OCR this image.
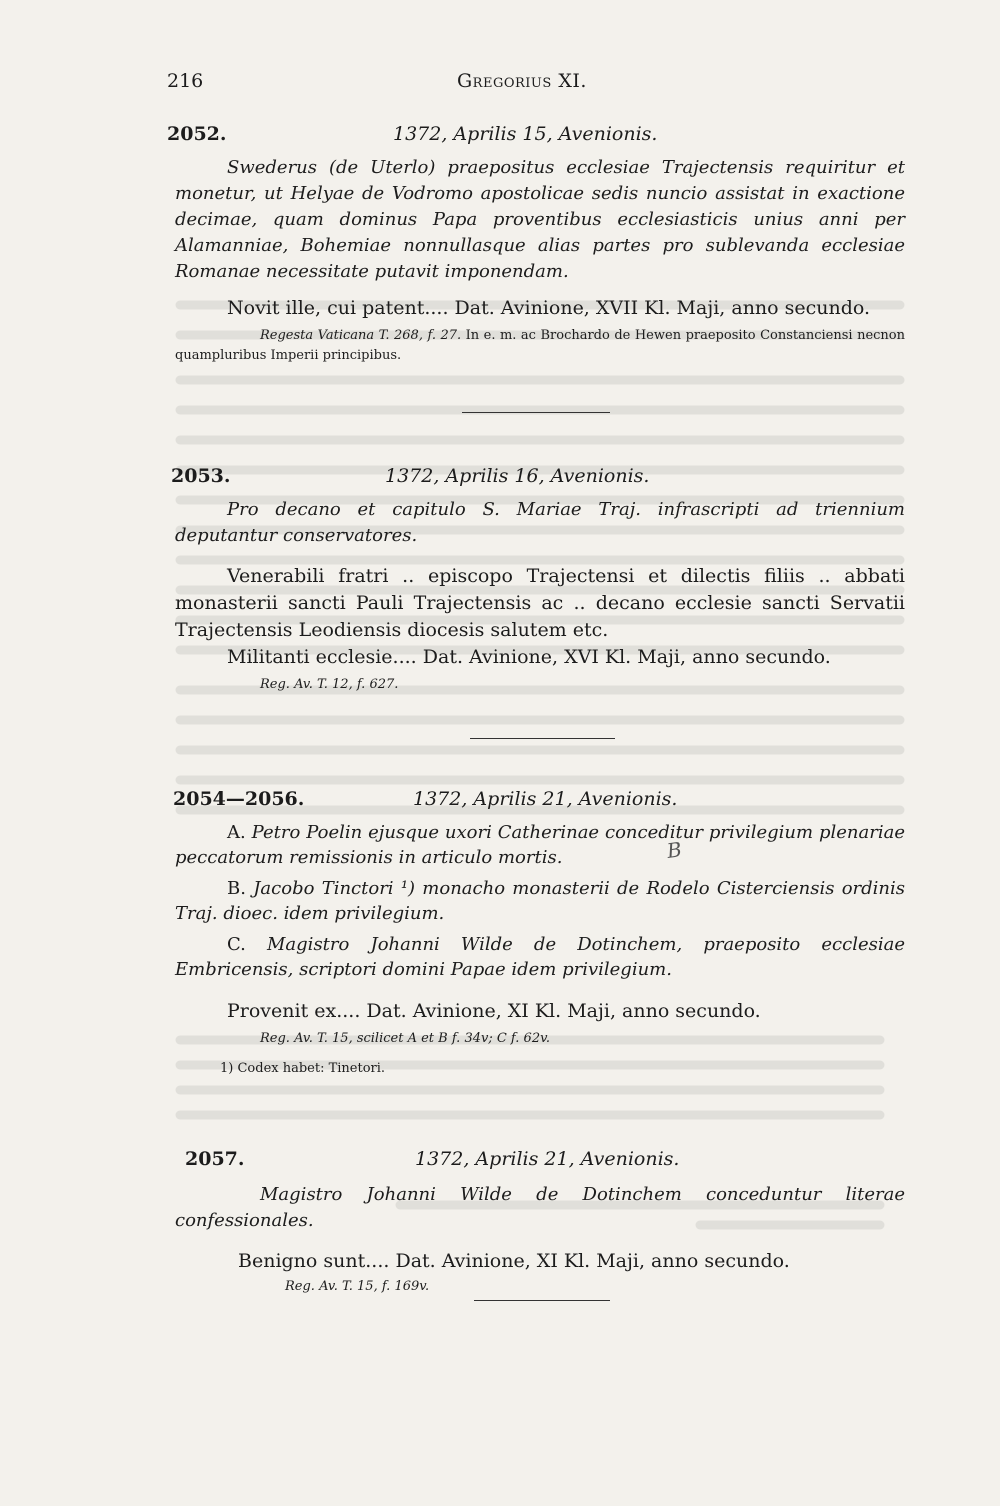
216	Gregorius XI.
2052.	1372, Aprilis 15, Avenionis.

Swederus (de Uterlo) praepositus ecclesiae Trajectensis requiritur et monetur, ut Helyae de Vodromo apostolicae sedis nuncio assistat in exactione decimae, quam dominus Papa proventibus ecclesiasticis unius anni per Alamanniae, Bohemiae nonnullasque alias partes pro sublevanda ecclesiae Romanae necessitate putavit imponendam.

Novit ille, cui patent.... Dat. Avinione, XVII Kl. Maji, anno secundo.

Regesta Vaticana T. 268, f. 27. In e. m. ac Brochardo de Hewen praeposito Constanciensi necnon quampluribus Imperii principibus.

2053.	1372, Aprilis 16, Avenionis.

Pro decano et capitulo S. Mariae Traj. infrascripti ad triennium deputantur conservatores.

Venerabili fratri .. episcopo Trajectensi et dilectis filiis .. abbati monasterii sancti Pauli Trajectensis ac .. decano ecclesie sancti Servatii Trajectensis Leodiensis diocesis salutem etc.

Militanti ecclesie.... Dat. Avinione, XVI Kl. Maji, anno secundo.

Reg. Av. T. 12, f. 627.
2054—2056.	1372, Aprilis 21, Avenionis.

A. Petro Poelin ejusque uxori Catherinae conceditur privilegium plenariae peccatorum remissionis in articulo mortis.

B. Jacobo Tinctori ¹) monacho monasterii de Rodelo Cisterciensis ordinis Traj. dioec. idem privilegium.

C. Magistro Johanni Wilde de Dotinchem, praeposito ecclesiae Embricensis, scriptori domini Papae idem privilegium.

Provenit ex.... Dat. Avinione, XI Kl. Maji, anno secundo.

Reg. Av. T. 15, scilicet A et B f. 34v; C f. 62v.

1) Codex habet: Tinetori.

B
2057.	1372, Aprilis 21, Avenionis.

Magistro Johanni Wilde de Dotinchem conceduntur literae confessionales.

Benigno sunt.... Dat. Avinione, XI Kl. Maji, anno secundo.

Reg. Av. T. 15, f. 169v.
